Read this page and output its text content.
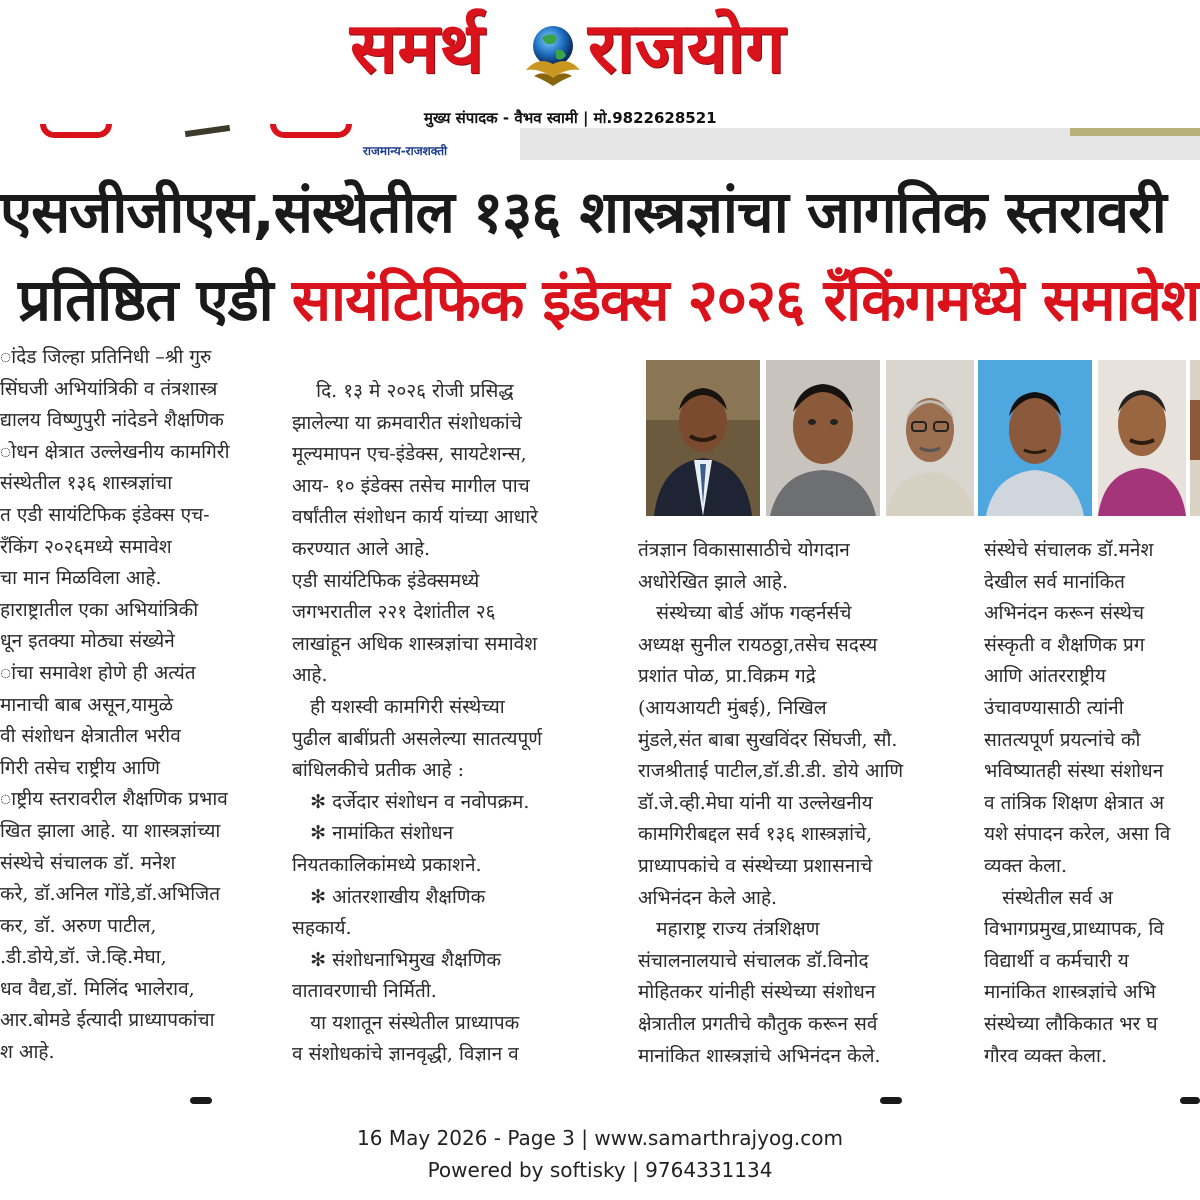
समर्थ राजयोग
मुख्य संपादक - वैभव स्वामी | मो.9822628521
राजमान्य-राजशक्ती
एसजीजीएस,संस्थेतील १३६ शास्त्रज्ञांचा जागतिक स्तरावरी
प्रतिष्ठित एडी सायंटिफिक इंडेक्स २०२६ रँकिंगमध्ये समावेश

ांदेड जिल्हा प्रतिनिधी –श्री गुरु

सिंघजी अभियांत्रिकी व तंत्रशास्त्र

द्यालय विष्णुपुरी नांदेडने शैक्षणिक

ोधन क्षेत्रात उल्लेखनीय कामगिरी

संस्थेतील १३६ शास्त्रज्ञांचा

त एडी सायंटिफिक इंडेक्स एच-

रँकिंग २०२६मध्ये समावेश

चा मान मिळविला आहे.

हाराष्ट्रातील एका अभियांत्रिकी

धून इतक्या मोठ्या संख्येने

ांचा समावेश होणे ही अत्यंत

मानाची बाब असून,यामुळे

वी संशोधन क्षेत्रातील भरीव

गिरी तसेच राष्ट्रीय आणि

ाष्ट्रीय स्तरावरील शैक्षणिक प्रभाव

खित झाला आहे. या शास्त्रज्ञांच्या

संस्थेचे संचालक डॉ. मनेश

करे, डॉ.अनिल गोंडे,डॉ.अभिजित

कर, डॉ. अरुण पाटील,

.डी.डोये,डॉ. जे.व्हि.मेघा,

धव वैद्य,डॉ. मिलिंद भालेराव,

आर.बोमडे ईत्यादी प्राध्यापकांचा

श आहे.

दि. १३ मे २०२६ रोजी प्रसिद्ध

झालेल्या या क्रमवारीत संशोधकांचे

मूल्यमापन एच-इंडेक्स, सायटेशन्स,

आय- १० इंडेक्स तसेच मागील पाच

वर्षांतील संशोधन कार्य यांच्या आधारे

करण्यात आले आहे.

एडी सायंटिफिक इंडेक्समध्ये

जगभरातील २२१ देशांतील २६

लाखांहून अधिक शास्त्रज्ञांचा समावेश

आहे.

ही यशस्वी कामगिरी संस्थेच्या

पुढील बाबींप्रती असलेल्या सातत्यपूर्ण

बांधिलकीचे प्रतीक आहे :

✻ दर्जेदार संशोधन व नवोपक्रम.

✻ नामांकित संशोधन

नियतकालिकांमध्ये प्रकाशने.

✻ आंतरशाखीय शैक्षणिक

सहकार्य.

✻ संशोधनाभिमुख शैक्षणिक

वातावरणाची निर्मिती.

या यशातून संस्थेतील प्राध्यापक

व संशोधकांचे ज्ञानवृद्धी, विज्ञान व

तंत्रज्ञान विकासासाठीचे योगदान

अधोरेखित झाले आहे.

संस्थेच्या बोर्ड ऑफ गव्हर्नर्सचे

अध्यक्ष सुनील रायठठ्ठा,तसेच सदस्य

प्रशांत पोळ, प्रा.विक्रम गद्रे

(आयआयटी मुंबई), निखिल

मुंडले,संत बाबा सुखविंदर सिंघजी, सौ.

राजश्रीताई पाटील,डॉ.डी.डी. डोये आणि

डॉ.जे.व्ही.मेघा यांनी या उल्लेखनीय

कामगिरीबद्दल सर्व १३६ शास्त्रज्ञांचे,

प्राध्यापकांचे व संस्थेच्या प्रशासनाचे

अभिनंदन केले आहे.

महाराष्ट्र राज्य तंत्रशिक्षण

संचालनालयाचे संचालक डॉ.विनोद

मोहितकर यांनीही संस्थेच्या संशोधन

क्षेत्रातील प्रगतीचे कौतुक करून सर्व

मानांकित शास्त्रज्ञांचे अभिनंदन केले.

संस्थेचे संचालक डॉ.मनेश

देखील सर्व मानांकित

अभिनंदन करून संस्थेच

संस्कृती व शैक्षणिक प्रग

आणि आंतरराष्ट्रीय

उंचावण्यासाठी त्यांनी

सातत्यपूर्ण प्रयत्नांचे कौ

भविष्यातही संस्था संशोधन

व तांत्रिक शिक्षण क्षेत्रात अ

यशे संपादन करेल, असा वि

व्यक्त केला.

संस्थेतील सर्व अ

विभागप्रमुख,प्राध्यापक, वि

विद्यार्थी व कर्मचारी य

मानांकित शास्त्रज्ञांचे अभि

संस्थेच्या लौकिकात भर घ

गौरव व्यक्त केला.

16 May 2026 - Page 3 | www.samarthrajyog.com
Powered by softisky | 9764331134
